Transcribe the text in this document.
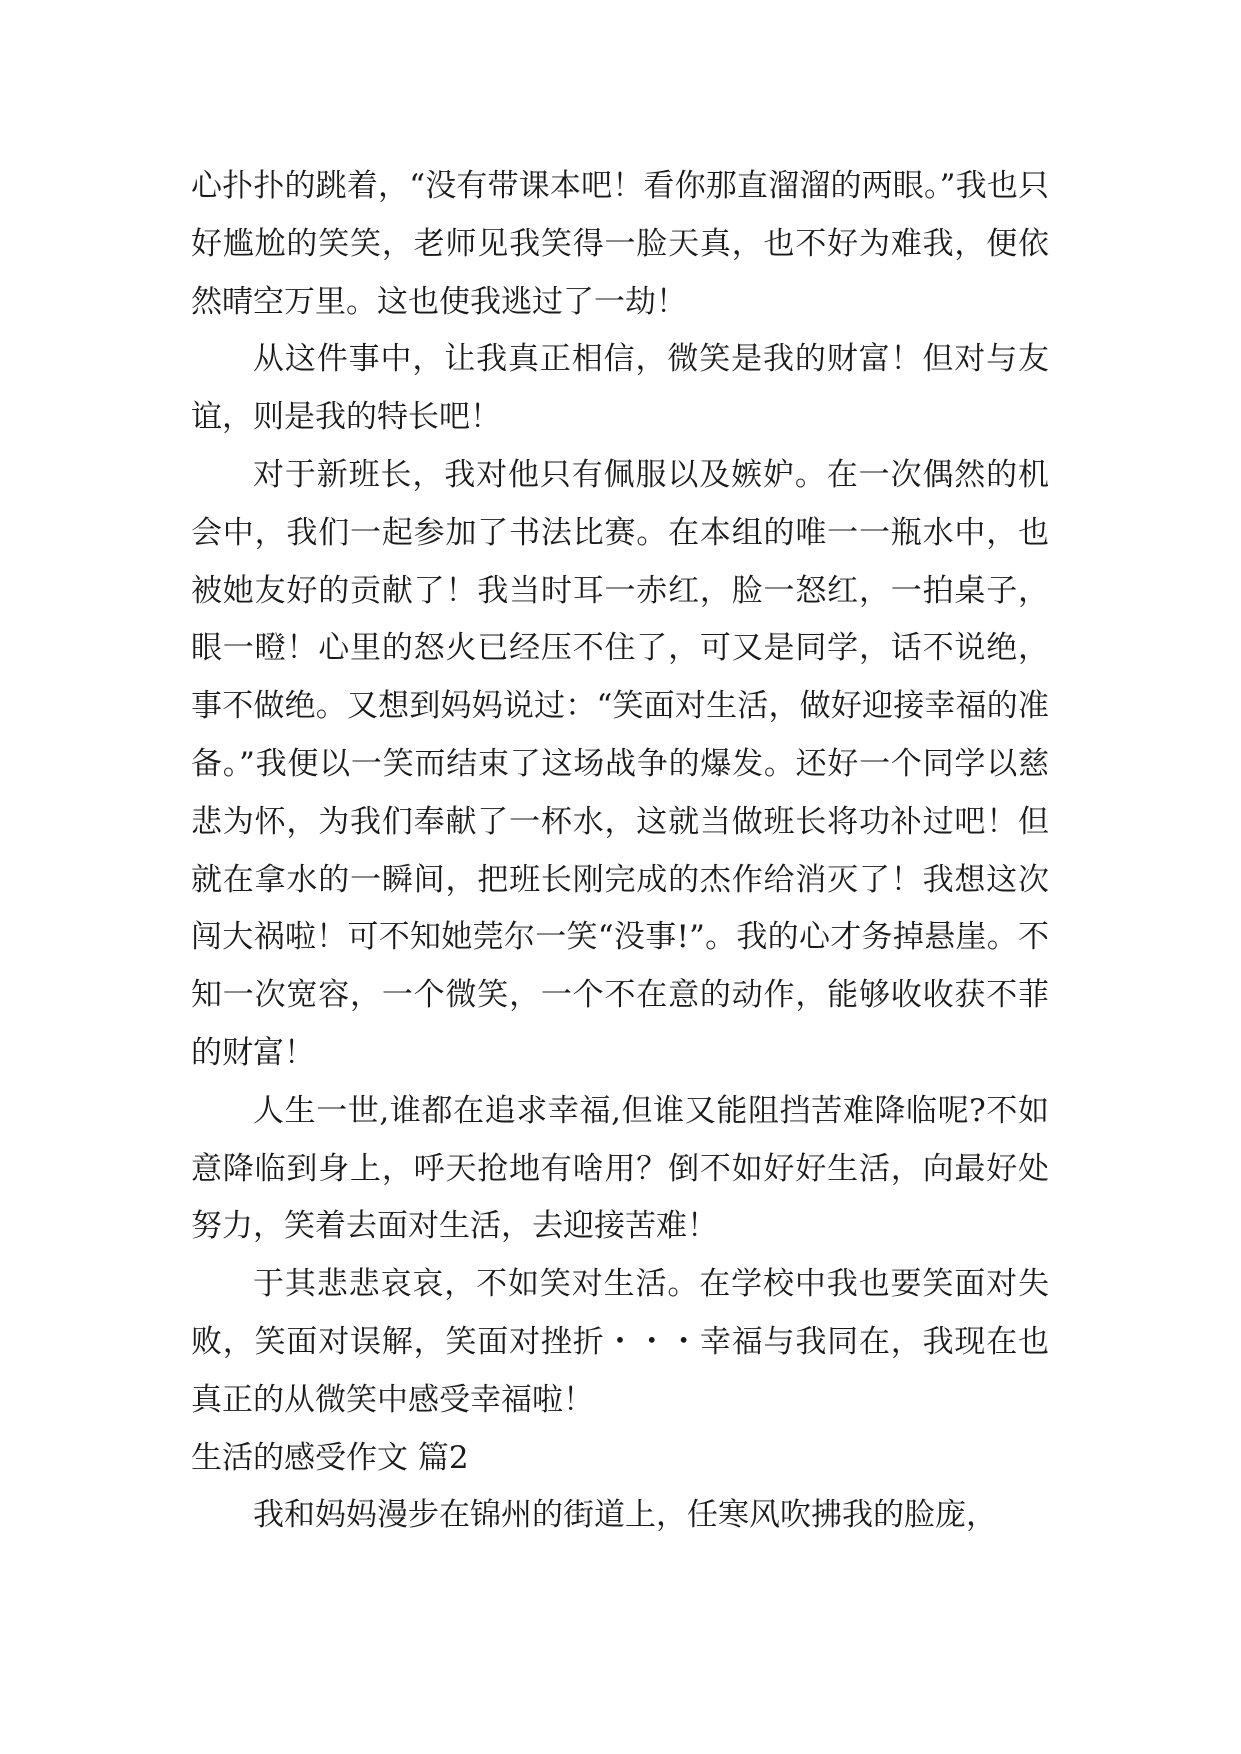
心扑扑的跳着，“没有带课本吧！看你那直溜溜的两眼。”我也只好尴尬的笑笑，老师见我笑得一脸天真，也不好为难我，便依然晴空万里。这也使我逃过了一劫！

从这件事中，让我真正相信，微笑是我的财富！但对与友谊，则是我的特长吧！

对于新班长，我对他只有佩服以及嫉妒。在一次偶然的机会中，我们一起参加了书法比赛。在本组的唯一一瓶水中，也被她友好的贡献了！我当时耳一赤红，脸一怒红，一拍桌子，眼一瞪！心里的怒火已经压不住了，可又是同学，话不说绝，事不做绝。又想到妈妈说过：“笑面对生活，做好迎接幸福的准备。”我便以一笑而结束了这场战争的爆发。还好一个同学以慈悲为怀，为我们奉献了一杯水，这就当做班长将功补过吧！但就在拿水的一瞬间，把班长刚完成的杰作给消灭了！我想这次闯大祸啦！可不知她莞尔一笑“没事!”。我的心才务掉悬崖。不知一次宽容，一个微笑，一个不在意的动作，能够收收获不菲的财富！

人生一世,谁都在追求幸福,但谁又能阻挡苦难降临呢?不如意降临到身上，呼天抢地有啥用？倒不如好好生活，向最好处努力，笑着去面对生活，去迎接苦难！

于其悲悲哀哀，不如笑对生活。在学校中我也要笑面对失败，笑面对误解，笑面对挫折・・・幸福与我同在，我现在也真正的从微笑中感受幸福啦！

生活的感受作文 篇2

我和妈妈漫步在锦州的街道上，任寒风吹拂我的脸庞，
